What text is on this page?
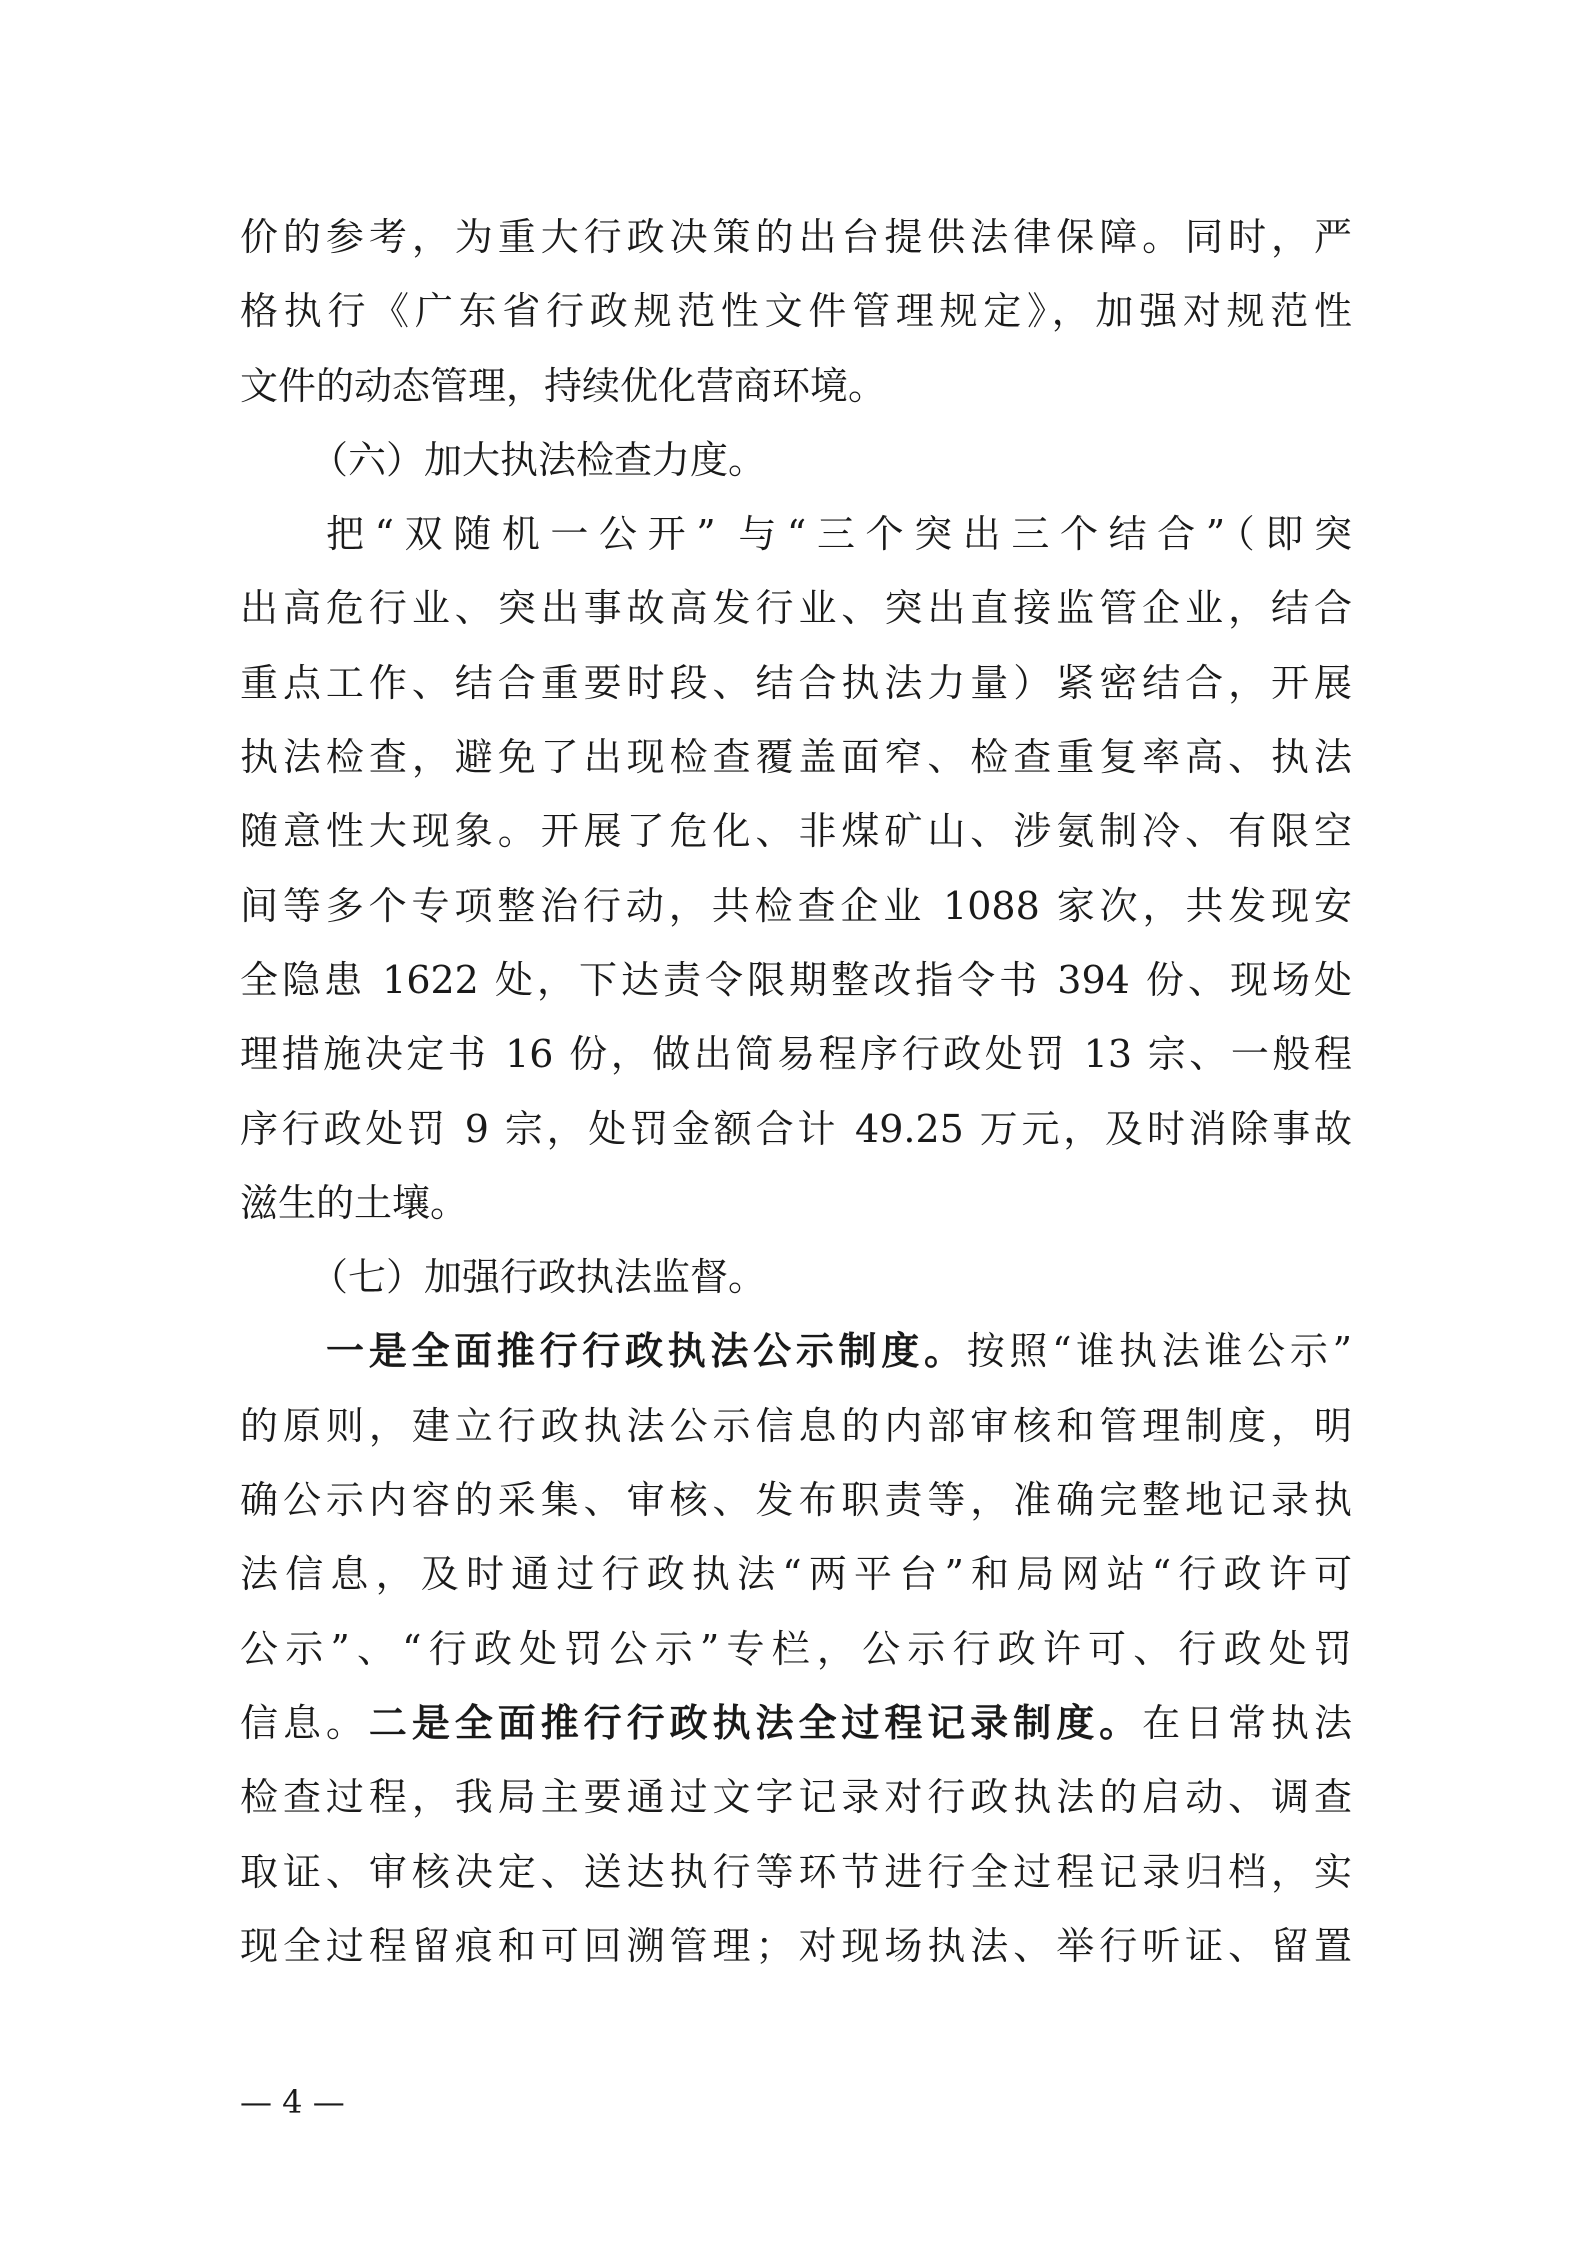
价的参考，为重大行政决策的出台提供法律保障。同时，严
格执行《广东省行政规范性文件管理规定》，加强对规范性
文件的动态管理，持续优化营商环境。
（六）加大执法检查力度。
把“双随机一公开” 与“三个突出三个结合”（即突
出高危行业、突出事故高发行业、突出直接监管企业，结合
重点工作、结合重要时段、结合执法力量）紧密结合，开展
执法检查，避免了出现检查覆盖面窄、检查重复率高、执法
随意性大现象。开展了危化、非煤矿山、涉氨制冷、有限空
间等多个专项整治行动，共检查企业 1088 家次，共发现安
全隐患 1622 处，下达责令限期整改指令书 394 份、现场处
理措施决定书 16 份，做出简易程序行政处罚 13 宗、一般程
序行政处罚 9 宗，处罚金额合计 49.25 万元，及时消除事故
滋生的土壤。
（七）加强行政执法监督。
一是全面推行行政执法公示制度。按照“谁执法谁公示”
的原则，建立行政执法公示信息的内部审核和管理制度，明
确公示内容的采集、审核、发布职责等，准确完整地记录执
法信息，及时通过行政执法“两平台”和局网站“行政许可
公示”、“行政处罚公示”专栏，公示行政许可、行政处罚
信息。二是全面推行行政执法全过程记录制度。在日常执法
检查过程，我局主要通过文字记录对行政执法的启动、调查
取证、审核决定、送达执行等环节进行全过程记录归档，实
现全过程留痕和可回溯管理；对现场执法、举行听证、留置
— 4 —
